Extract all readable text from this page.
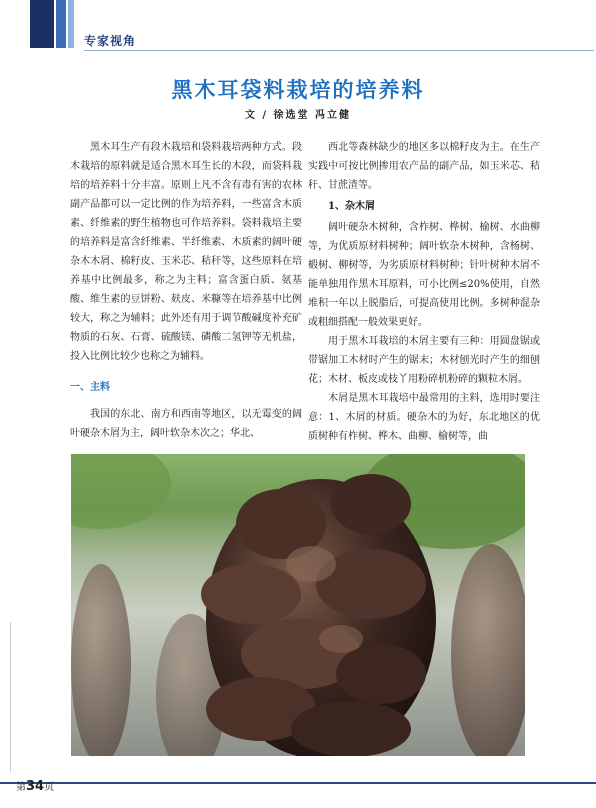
专家视角
黑木耳袋料栽培的培养料
文 / 徐选堂 冯立健

黑木耳生产有段木栽培和袋料栽培两种方式。段木栽培的原料就是适合黑木耳生长的木段，而袋料栽培的培养料十分丰富。原则上凡不含有毒有害的农林副产品都可以一定比例的作为培养料，一些富含木质素、纤维素的野生植物也可作培养料。袋料栽培主要的培养料是富含纤维素、半纤维素、木质素的阔叶硬杂木木屑、棉籽皮、玉米芯、秸秆等，这些原料在培养基中比例最多，称之为主料；富含蛋白质、氨基酸、维生素的豆饼粉、麸皮、米糠等在培养基中比例较大，称之为辅料；此外还有用于调节酸碱度补充矿物质的石灰、石膏、硫酸镁、磷酸二氢钾等无机盐，投入比例比较少也称之为辅料。

一、主料

我国的东北、南方和西南等地区，以无霉变的阔叶硬杂木屑为主，阔叶软杂木次之；华北、

西北等森林缺少的地区多以棉籽皮为主。在生产实践中可按比例掺用农产品的副产品，如玉米芯、秸秆、甘蔗渣等。

1、杂木屑

阔叶硬杂木树种，含柞树、桦树、榆树、水曲柳等，为优质原材料树种；阔叶软杂木树种，含杨树、椴树、柳树等，为劣质原材料树种；针叶树种木屑不能单独用作黑木耳原料，可小比例≤20%使用，自然堆积一年以上脱脂后，可提高使用比例。多树种混杂或粗细搭配一般效果更好。

用于黑木耳栽培的木屑主要有三种：用圆盘锯或带锯加工木材时产生的锯末；木材刨光时产生的细刨花；木材、板皮或枝丫用粉碎机粉碎的颗粒木屑。

木屑是黑木耳栽培中最常用的主料，选用时要注意：1、木屑的材质。硬杂木的为好，东北地区的优质树种有柞树、桦木、曲柳、榆树等，曲

第34页
